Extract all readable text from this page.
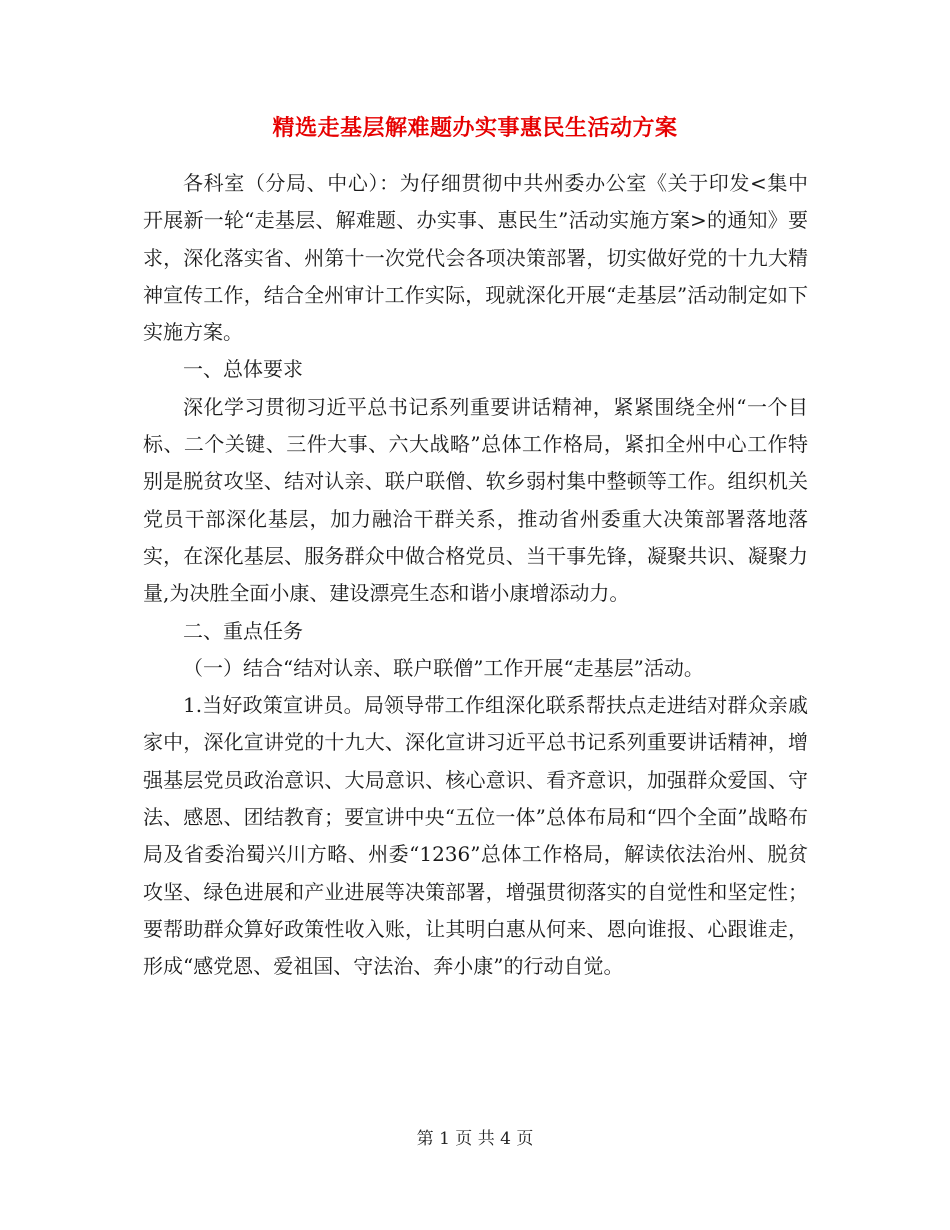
精选走基层解难题办实事惠民生活动方案

各科室（分局、中心）：为仔细贯彻中共州委办公室《关于印发<集中开展新一轮“走基层、解难题、办实事、惠民生”活动实施方案>的通知》要求，深化落实省、州第十一次党代会各项决策部署，切实做好党的十九大精神宣传工作，结合全州审计工作实际，现就深化开展“走基层”活动制定如下实施方案。

一、总体要求

深化学习贯彻习近平总书记系列重要讲话精神，紧紧围绕全州“一个目标、二个关键、三件大事、六大战略”总体工作格局，紧扣全州中心工作特别是脱贫攻坚、结对认亲、联户联僧、软乡弱村集中整顿等工作。组织机关党员干部深化基层，加力融洽干群关系，推动省州委重大决策部署落地落实，在深化基层、服务群众中做合格党员、当干事先锋，凝聚共识、凝聚力量,为决胜全面小康、建设漂亮生态和谐小康增添动力。

二、重点任务

（一）结合“结对认亲、联户联僧”工作开展“走基层”活动。

1.当好政策宣讲员。局领导带工作组深化联系帮扶点走进结对群众亲戚家中，深化宣讲党的十九大、深化宣讲习近平总书记系列重要讲话精神，增强基层党员政治意识、大局意识、核心意识、看齐意识，加强群众爱国、守法、感恩、团结教育；要宣讲中央“五位一体”总体布局和“四个全面”战略布局及省委治蜀兴川方略、州委“1236”总体工作格局，解读依法治州、脱贫攻坚、绿色进展和产业进展等决策部署，增强贯彻落实的自觉性和坚定性；要帮助群众算好政策性收入账，让其明白惠从何来、恩向谁报、心跟谁走，形成“感党恩、爱祖国、守法治、奔小康”的行动自觉。

第 1 页 共 4 页
